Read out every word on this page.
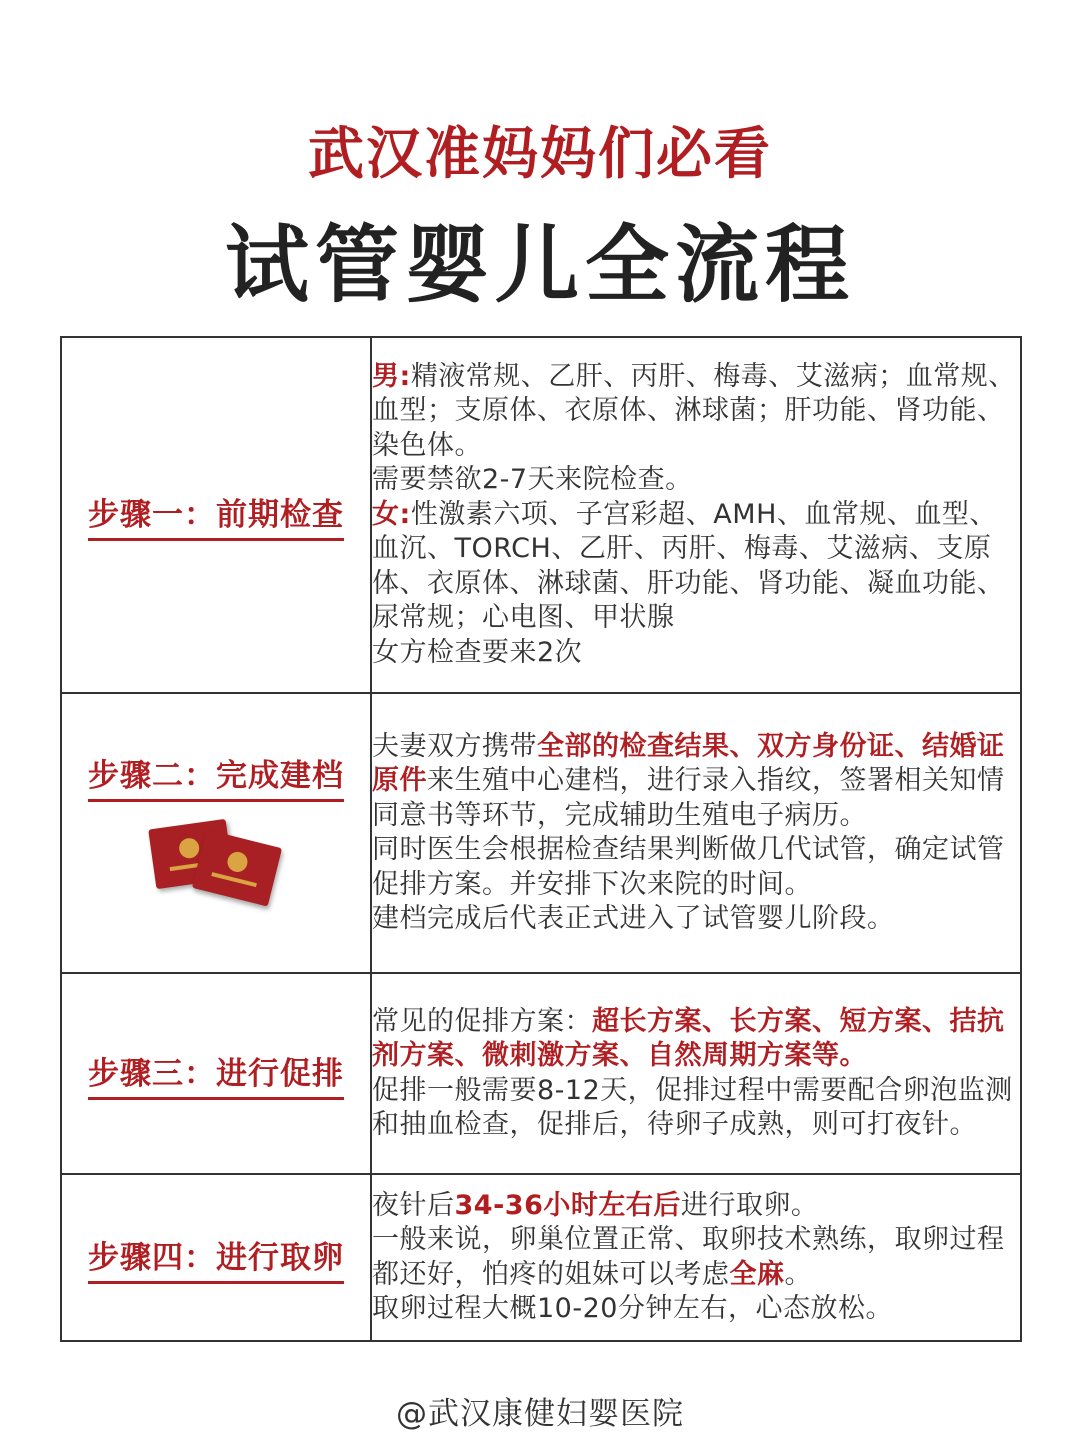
武汉准妈妈们必看
试管婴儿全流程
步骤一：前期检查	男:精液常规、乙肝、丙肝、梅毒、艾滋病；血常规、血型；支原体、衣原体、淋球菌；肝功能、肾功能、染色体。

需要禁欲2-7天来院检查。

女:性激素六项、子宫彩超、AMH、血常规、血型、血沉、TORCH、乙肝、丙肝、梅毒、艾滋病、支原体、衣原体、淋球菌、肝功能、肾功能、凝血功能、尿常规；心电图、甲状腺

女方检查要来2次

步骤二：完成建档	夫妻双方携带全部的检查结果、双方身份证、结婚证原件来生殖中心建档，进行录入指纹，签署相关知情同意书等环节，完成辅助生殖电子病历。

同时医生会根据检查结果判断做几代试管，确定试管促排方案。并安排下次来院的时间。

建档完成后代表正式进入了试管婴儿阶段。

步骤三：进行促排	常见的促排方案：超长方案、长方案、短方案、拮抗剂方案、微刺激方案、自然周期方案等。

促排一般需要8-12天，促排过程中需要配合卵泡监测和抽血检查，促排后，待卵子成熟，则可打夜针。

步骤四：进行取卵	夜针后34-36小时左右后进行取卵。

一般来说，卵巢位置正常、取卵技术熟练，取卵过程都还好，怕疼的姐妹可以考虑全麻。

取卵过程大概10-20分钟左右，心态放松。

@武汉康健妇婴医院
